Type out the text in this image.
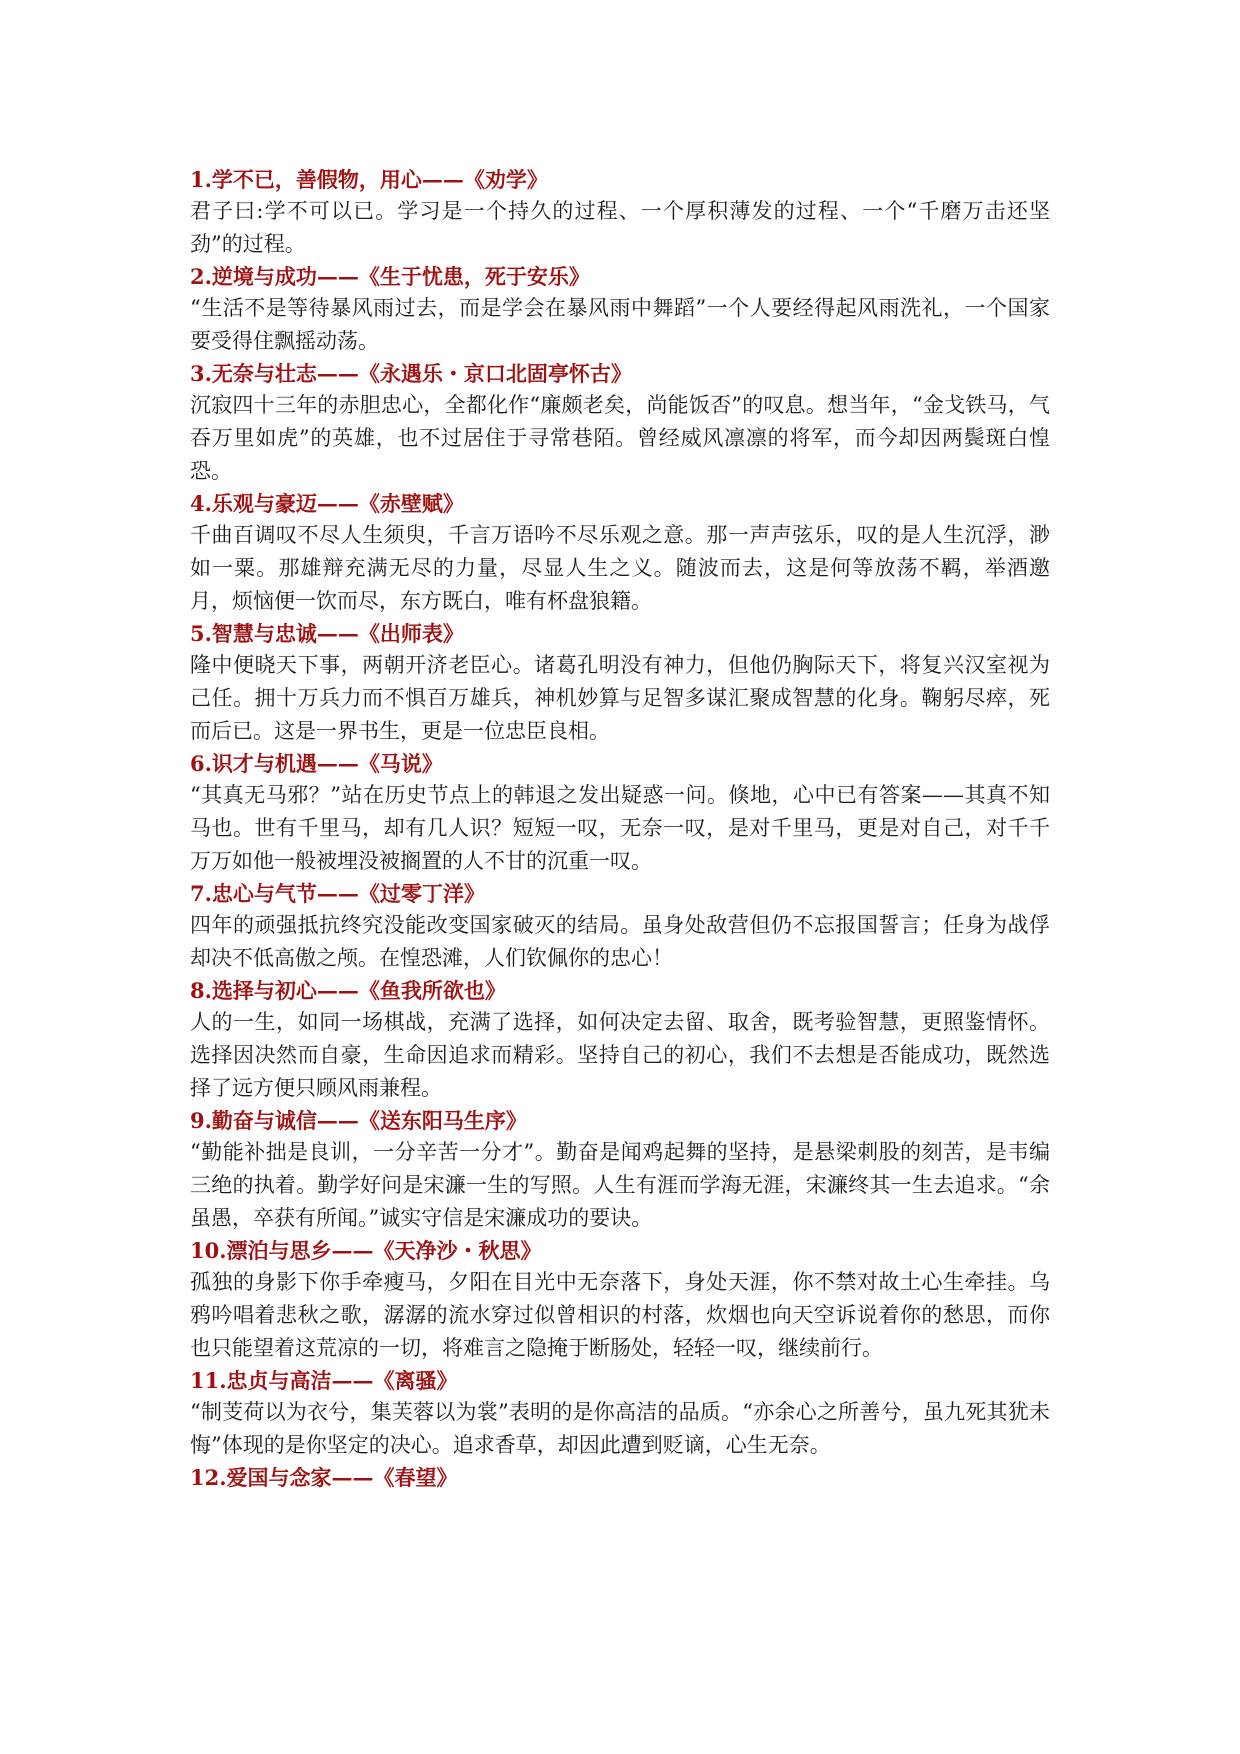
1.学不已，善假物，用心——《劝学》

君子曰:学不可以已。学习是一个持久的过程、一个厚积薄发的过程、一个“千磨万击还坚劲”的过程。

2.逆境与成功——《生于忧患，死于安乐》

“生活不是等待暴风雨过去，而是学会在暴风雨中舞蹈”一个人要经得起风雨洗礼，一个国家要受得住飘摇动荡。

3.无奈与壮志——《永遇乐・京口北固亭怀古》

沉寂四十三年的赤胆忠心，全都化作“廉颇老矣，尚能饭否”的叹息。想当年，“金戈铁马，气吞万里如虎”的英雄，也不过居住于寻常巷陌。曾经威风凛凛的将军，而今却因两鬓斑白惶恐。

4.乐观与豪迈——《赤壁赋》

千曲百调叹不尽人生须臾，千言万语吟不尽乐观之意。那一声声弦乐，叹的是人生沉浮，渺如一粟。那雄辩充满无尽的力量，尽显人生之义。随波而去，这是何等放荡不羁，举酒邀月，烦恼便一饮而尽，东方既白，唯有杯盘狼籍。

5.智慧与忠诚——《出师表》

隆中便晓天下事，两朝开济老臣心。诸葛孔明没有神力，但他仍胸际天下，将复兴汉室视为己任。拥十万兵力而不惧百万雄兵，神机妙算与足智多谋汇聚成智慧的化身。鞠躬尽瘁，死而后已。这是一界书生，更是一位忠臣良相。

6.识才与机遇——《马说》

“其真无马邪？”站在历史节点上的韩退之发出疑惑一问。倏地，心中已有答案——其真不知马也。世有千里马，却有几人识？短短一叹，无奈一叹，是对千里马，更是对自己，对千千万万如他一般被埋没被搁置的人不甘的沉重一叹。

7.忠心与气节——《过零丁洋》

四年的顽强抵抗终究没能改变国家破灭的结局。虽身处敌营但仍不忘报国誓言；任身为战俘却决不低高傲之颅。在惶恐滩，人们钦佩你的忠心！

8.选择与初心——《鱼我所欲也》

人的一生，如同一场棋战，充满了选择，如何决定去留、取舍，既考验智慧，更照鉴情怀。选择因决然而自豪，生命因追求而精彩。坚持自己的初心，我们不去想是否能成功，既然选择了远方便只顾风雨兼程。

9.勤奋与诚信——《送东阳马生序》

“勤能补拙是良训，一分辛苦一分才”。勤奋是闻鸡起舞的坚持，是悬梁刺股的刻苦，是韦编三绝的执着。勤学好问是宋濂一生的写照。人生有涯而学海无涯，宋濂终其一生去追求。“余虽愚，卒获有所闻。”诚实守信是宋濂成功的要诀。

10.漂泊与思乡——《天净沙・秋思》

孤独的身影下你手牵瘦马，夕阳在目光中无奈落下，身处天涯，你不禁对故土心生牵挂。乌鸦吟唱着悲秋之歌，潺潺的流水穿过似曾相识的村落，炊烟也向天空诉说着你的愁思，而你也只能望着这荒凉的一切，将难言之隐掩于断肠处，轻轻一叹，继续前行。

11.忠贞与高洁——《离骚》

“制芰荷以为衣兮，集芙蓉以为裳”表明的是你高洁的品质。“亦余心之所善兮，虽九死其犹未悔”体现的是你坚定的决心。追求香草，却因此遭到贬谪，心生无奈。

12.爱国与念家——《春望》
